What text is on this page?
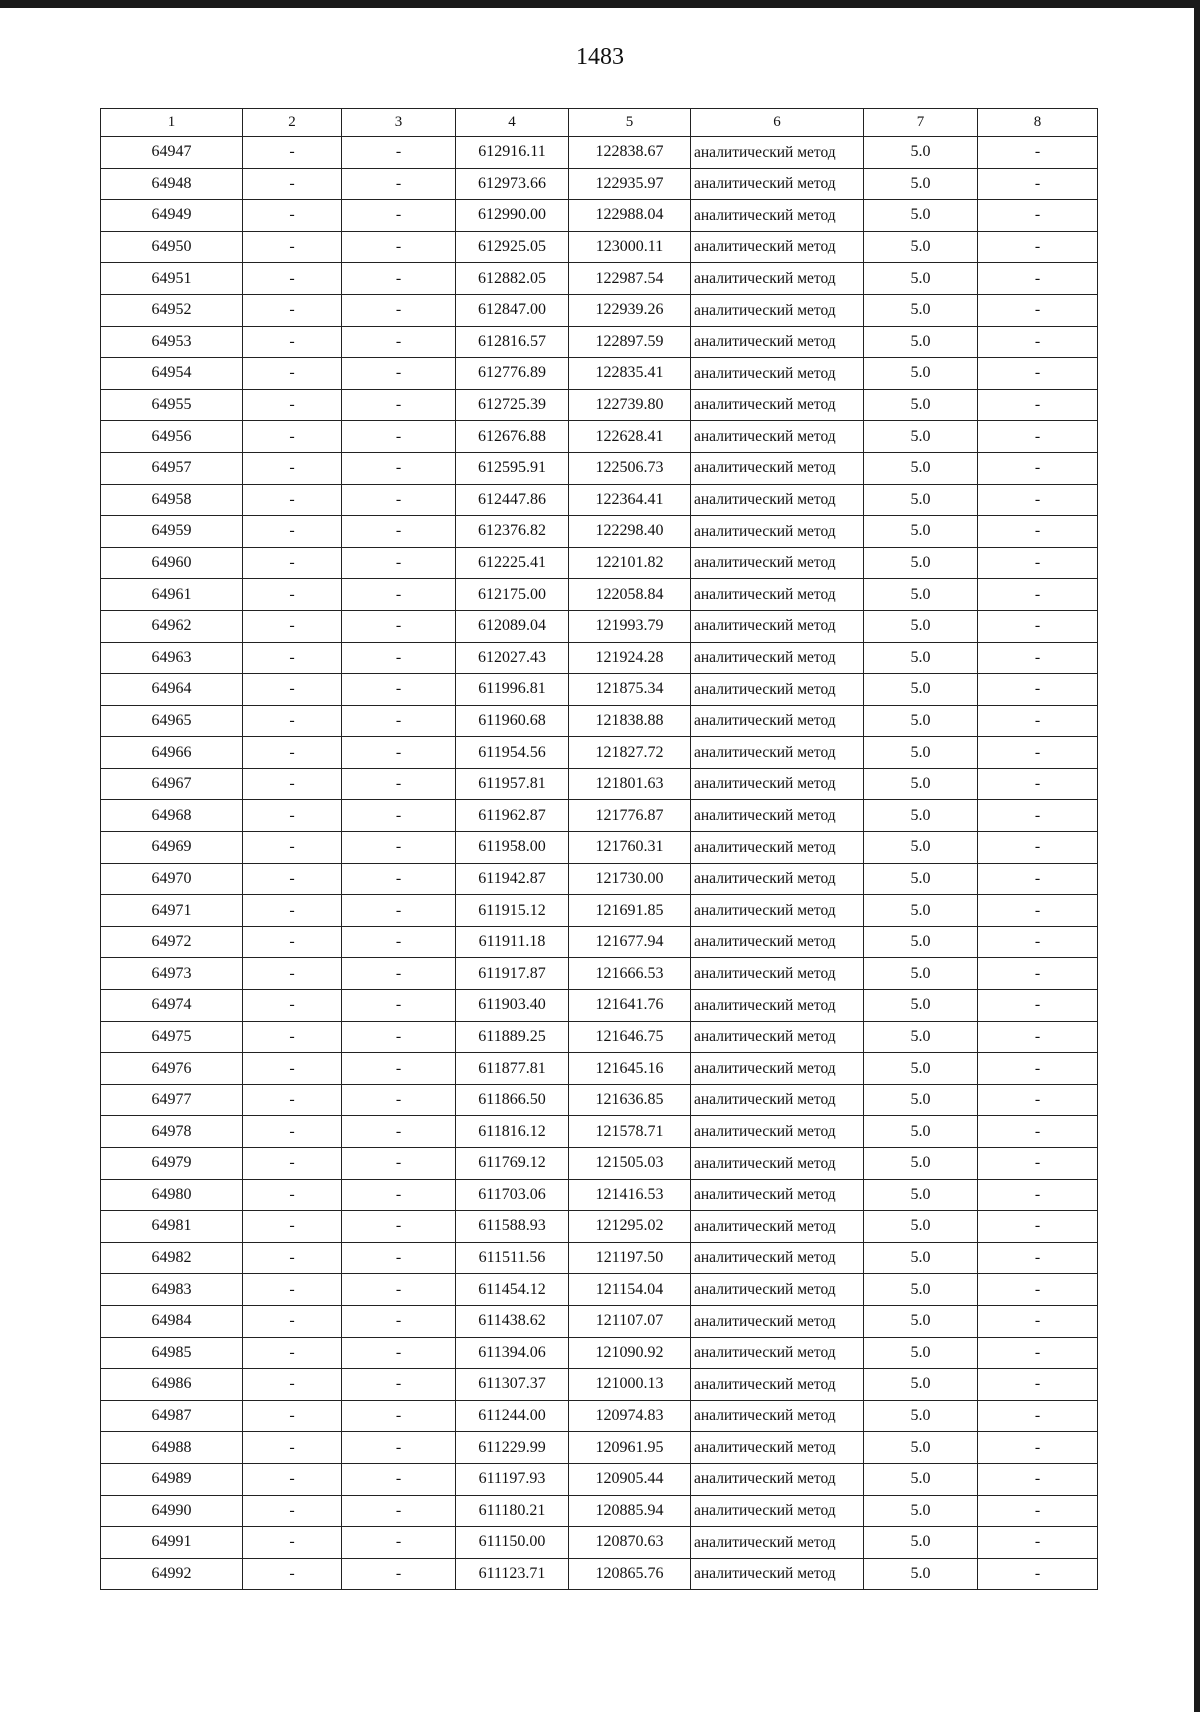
1483
1	2	3	4	5	6	7	8
64947	-	-	612916.11	122838.67	аналитический метод	5.0	-
64948	-	-	612973.66	122935.97	аналитический метод	5.0	-
64949	-	-	612990.00	122988.04	аналитический метод	5.0	-
64950	-	-	612925.05	123000.11	аналитический метод	5.0	-
64951	-	-	612882.05	122987.54	аналитический метод	5.0	-
64952	-	-	612847.00	122939.26	аналитический метод	5.0	-
64953	-	-	612816.57	122897.59	аналитический метод	5.0	-
64954	-	-	612776.89	122835.41	аналитический метод	5.0	-
64955	-	-	612725.39	122739.80	аналитический метод	5.0	-
64956	-	-	612676.88	122628.41	аналитический метод	5.0	-
64957	-	-	612595.91	122506.73	аналитический метод	5.0	-
64958	-	-	612447.86	122364.41	аналитический метод	5.0	-
64959	-	-	612376.82	122298.40	аналитический метод	5.0	-
64960	-	-	612225.41	122101.82	аналитический метод	5.0	-
64961	-	-	612175.00	122058.84	аналитический метод	5.0	-
64962	-	-	612089.04	121993.79	аналитический метод	5.0	-
64963	-	-	612027.43	121924.28	аналитический метод	5.0	-
64964	-	-	611996.81	121875.34	аналитический метод	5.0	-
64965	-	-	611960.68	121838.88	аналитический метод	5.0	-
64966	-	-	611954.56	121827.72	аналитический метод	5.0	-
64967	-	-	611957.81	121801.63	аналитический метод	5.0	-
64968	-	-	611962.87	121776.87	аналитический метод	5.0	-
64969	-	-	611958.00	121760.31	аналитический метод	5.0	-
64970	-	-	611942.87	121730.00	аналитический метод	5.0	-
64971	-	-	611915.12	121691.85	аналитический метод	5.0	-
64972	-	-	611911.18	121677.94	аналитический метод	5.0	-
64973	-	-	611917.87	121666.53	аналитический метод	5.0	-
64974	-	-	611903.40	121641.76	аналитический метод	5.0	-
64975	-	-	611889.25	121646.75	аналитический метод	5.0	-
64976	-	-	611877.81	121645.16	аналитический метод	5.0	-
64977	-	-	611866.50	121636.85	аналитический метод	5.0	-
64978	-	-	611816.12	121578.71	аналитический метод	5.0	-
64979	-	-	611769.12	121505.03	аналитический метод	5.0	-
64980	-	-	611703.06	121416.53	аналитический метод	5.0	-
64981	-	-	611588.93	121295.02	аналитический метод	5.0	-
64982	-	-	611511.56	121197.50	аналитический метод	5.0	-
64983	-	-	611454.12	121154.04	аналитический метод	5.0	-
64984	-	-	611438.62	121107.07	аналитический метод	5.0	-
64985	-	-	611394.06	121090.92	аналитический метод	5.0	-
64986	-	-	611307.37	121000.13	аналитический метод	5.0	-
64987	-	-	611244.00	120974.83	аналитический метод	5.0	-
64988	-	-	611229.99	120961.95	аналитический метод	5.0	-
64989	-	-	611197.93	120905.44	аналитический метод	5.0	-
64990	-	-	611180.21	120885.94	аналитический метод	5.0	-
64991	-	-	611150.00	120870.63	аналитический метод	5.0	-
64992	-	-	611123.71	120865.76	аналитический метод	5.0	-
